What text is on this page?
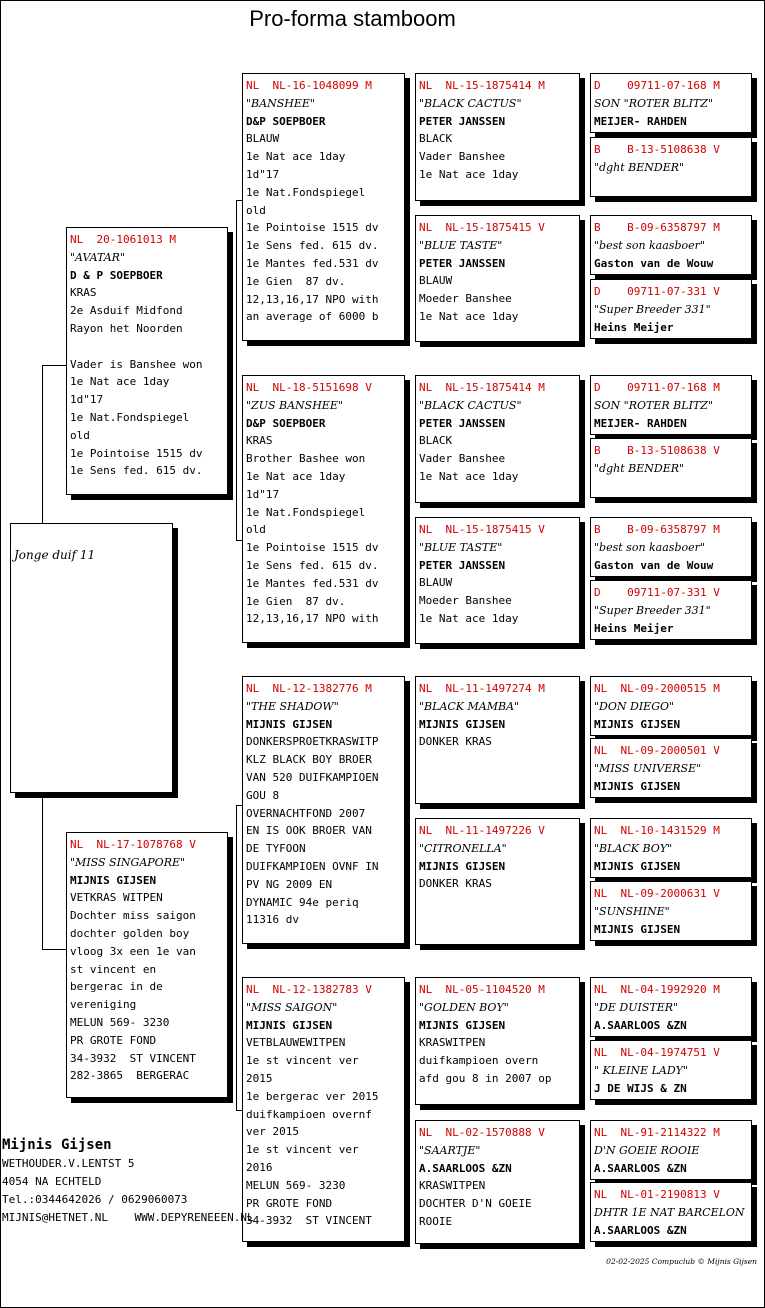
Pro-forma stamboom
Jonge duif 11
NL  20-1061013 M
"AVATAR"
D & P SOEPBOER
KRAS
2e Asduif Midfond
Rayon het Noorden

Vader is Banshee won
1e Nat ace 1day
1d"17
1e Nat.Fondspiegel
old
1e Pointoise 1515 dv
1e Sens fed. 615 dv.
NL  NL-17-1078768 V
"MISS SINGAPORE"
MIJNIS GIJSEN
VETKRAS WITPEN
Dochter miss saigon
dochter golden boy
vloog 3x een 1e van
st vincent en
bergerac in de
vereniging
MELUN 569- 3230
PR GROTE FOND
34-3932  ST VINCENT
282-3865  BERGERAC
NL  NL-16-1048099 M
"BANSHEE"
D&P SOEPBOER
BLAUW
1e Nat ace 1day
1d"17
1e Nat.Fondspiegel
old
1e Pointoise 1515 dv
1e Sens fed. 615 dv.
1e Mantes fed.531 dv
1e Gien  87 dv.
12,13,16,17 NPO with
an average of 6000 b
NL  NL-18-5151698 V
"ZUS BANSHEE"
D&P SOEPBOER
KRAS
Brother Bashee won
1e Nat ace 1day
1d"17
1e Nat.Fondspiegel
old
1e Pointoise 1515 dv
1e Sens fed. 615 dv.
1e Mantes fed.531 dv
1e Gien  87 dv.
12,13,16,17 NPO with
NL  NL-12-1382776 M
"THE SHADOW"
MIJNIS GIJSEN
DONKERSPROETKRASWITP
KLZ BLACK BOY BROER
VAN 520 DUIFKAMPIOEN
GOU 8
OVERNACHTFOND 2007
EN IS OOK BROER VAN
DE TYFOON
DUIFKAMPIOEN OVNF IN
PV NG 2009 EN
DYNAMIC 94e periq
11316 dv
NL  NL-12-1382783 V
"MISS SAIGON"
MIJNIS GIJSEN
VETBLAUWEWITPEN
1e st vincent ver
2015
1e bergerac ver 2015
duifkampioen overnf
ver 2015
1e st vincent ver
2016
MELUN 569- 3230
PR GROTE FOND
34-3932  ST VINCENT
NL  NL-15-1875414 M
"BLACK CACTUS"
PETER JANSSEN
BLACK
Vader Banshee
1e Nat ace 1day
NL  NL-15-1875415 V
"BLUE TASTE"
PETER JANSSEN
BLAUW
Moeder Banshee
1e Nat ace 1day
NL  NL-15-1875414 M
"BLACK CACTUS"
PETER JANSSEN
BLACK
Vader Banshee
1e Nat ace 1day
NL  NL-15-1875415 V
"BLUE TASTE"
PETER JANSSEN
BLAUW
Moeder Banshee
1e Nat ace 1day
NL  NL-11-1497274 M
"BLACK MAMBA"
MIJNIS GIJSEN
DONKER KRAS
NL  NL-11-1497226 V
"CITRONELLA"
MIJNIS GIJSEN
DONKER KRAS
NL  NL-05-1104520 M
"GOLDEN BOY"
MIJNIS GIJSEN
KRASWITPEN
duifkampioen overn
afd gou 8 in 2007 op
NL  NL-02-1570888 V
"SAARTJE"
A.SAARLOOS &ZN
KRASWITPEN
DOCHTER D'N GOEIE
ROOIE
D    09711-07-168 M
SON "ROTER BLITZ"
MEIJER- RAHDEN
B    B-13-5108638 V
"dght BENDER"
B    B-09-6358797 M
"best son kaasboer"
Gaston van de Wouw
D    09711-07-331 V
"Super Breeder 331"
Heins Meijer
D    09711-07-168 M
SON "ROTER BLITZ"
MEIJER- RAHDEN
B    B-13-5108638 V
"dght BENDER"
B    B-09-6358797 M
"best son kaasboer"
Gaston van de Wouw
D    09711-07-331 V
"Super Breeder 331"
Heins Meijer
NL  NL-09-2000515 M
"DON DIEGO"
MIJNIS GIJSEN
NL  NL-09-2000501 V
"MISS UNIVERSE"
MIJNIS GIJSEN
NL  NL-10-1431529 M
"BLACK BOY"
MIJNIS GIJSEN
NL  NL-09-2000631 V
"SUNSHINE"
MIJNIS GIJSEN
NL  NL-04-1992920 M
"DE DUISTER"
A.SAARLOOS &ZN
NL  NL-04-1974751 V
" KLEINE LADY"
J DE WIJS & ZN
NL  NL-91-2114322 M
D'N GOEIE ROOIE
A.SAARLOOS &ZN
NL  NL-01-2190813 V
DHTR 1E NAT BARCELON
A.SAARLOOS &ZN
Mijnis Gijsen
WETHOUDER.V.LENTST 5
4054 NA ECHTELD
Tel.:0344642026 / 0629060073
MIJNIS@HETNET.NL    WWW.DEPYRENEEEN.NL
02-02-2025 Compuclub © Mijnis Gijsen
